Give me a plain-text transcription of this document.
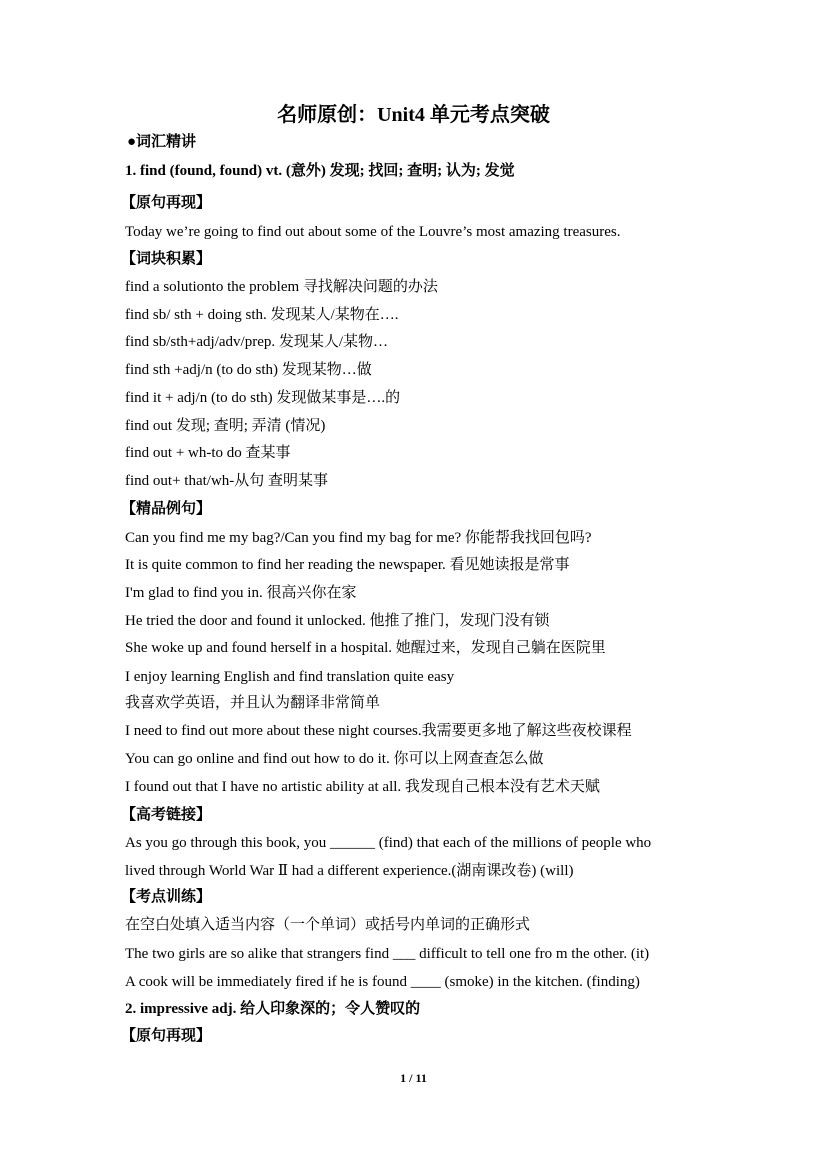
名师原创：Unit4 单元考点突破
●词汇精讲
1. find (found, found) vt. (意外) 发现; 找回; 查明; 认为; 发觉
【原句再现】
Today we’re going to find out about some of the Louvre’s most amazing treasures.
【词块积累】
find a solutionto the problem 寻找解决问题的办法
find sb/ sth + doing sth. 发现某人/某物在….
find sb/sth+adj/adv/prep. 发现某人/某物…
find sth +adj/n (to do sth) 发现某物…做
find it + adj/n (to do sth) 发现做某事是….的
find out 发现; 查明; 弄清 (情况)
find out + wh-to do 查某事
find out+ that/wh-从句 查明某事
【精品例句】
Can you find me my bag?/Can you find my bag for me? 你能帮我找回包吗?
It is quite common to find her reading the newspaper. 看见她读报是常事
I'm glad to find you in. 很高兴你在家
He tried the door and found it unlocked. 他推了推门，发现门没有锁
She woke up and found herself in a hospital. 她醒过来，发现自己躺在医院里
I enjoy learning English and find translation quite easy
我喜欢学英语，并且认为翻译非常简单
I need to find out more about these night courses.我需要更多地了解这些夜校课程
You can go online and find out how to do it. 你可以上网查查怎么做
I found out that I have no artistic ability at all. 我发现自己根本没有艺术天赋
【高考链接】
As you go through this book, you ______ (find) that each of the millions of people who
lived through World War Ⅱ had a different experience.(湖南课改卷) (will)
【考点训练】
在空白处填入适当内容（一个单词）或括号内单词的正确形式
The two girls are so alike that strangers find ___ difficult to tell one fro m the other. (it)
A cook will be immediately fired if he is found ____ (smoke) in the kitchen. (finding)
2. impressive adj. 给人印象深的；令人赞叹的
【原句再现】
1 / 11
